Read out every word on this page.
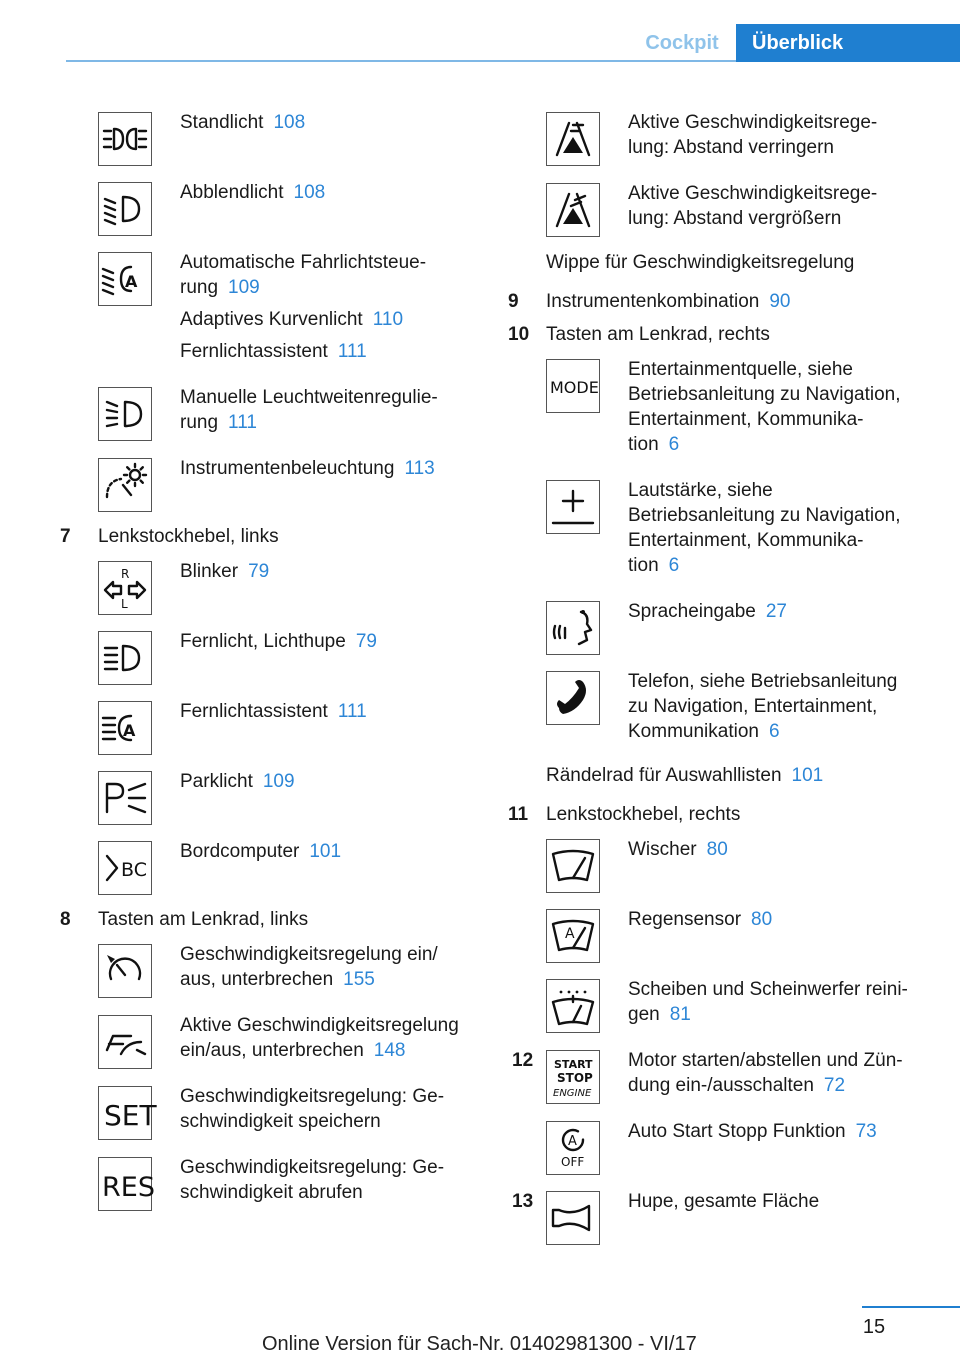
Cockpit	Überblick

Standlicht 108

Abblendlicht 108

A

Automatische Fahrlichtsteue-
rung 109

Adaptives Kurvenlicht 110

Fernlichtassistent 111

Manuelle Leuchtweitenregulie-
rung 111

Instrumentenbeleuchtung 113

7	Lenkstockhebel, links
R
L

Blinker 79

Fernlicht, Lichthupe 79

A

Fernlichtassistent 111

Parklicht 109

BC

Bordcomputer 101

8	Tasten am Lenkrad, links

Geschwindigkeitsregelung ein/
aus, unterbrechen 155

Aktive Geschwindigkeitsregelung
ein/aus, unterbrechen 148

SET

Geschwindigkeitsregelung: Ge-
schwindigkeit speichern

RES

Geschwindigkeitsregelung: Ge-
schwindigkeit abrufen

Aktive Geschwindigkeitsrege-
lung: Abstand verringern

Aktive Geschwindigkeitsrege-
lung: Abstand vergrößern

Wippe für Geschwindigkeitsregelung
9	Instrumentenkombination 90
10 Tasten am Lenkrad, rechts
MODE

Entertainmentquelle, siehe
Betriebsanleitung zu Navigation,
Entertainment, Kommunika-
tion 6

Lautstärke, siehe
Betriebsanleitung zu Navigation,
Entertainment, Kommunika-
tion 6

Spracheingabe 27

Telefon, siehe Betriebsanleitung
zu Navigation, Entertainment,
Kommunikation 6

Rändelrad für Auswahllisten 101
11 Lenkstockhebel, rechts

Wischer 80

A

Regensensor 80

Scheiben und Scheinwerfer reini-
gen 81

12	START
STOP
ENGINE

Motor starten/abstellen und Zün-
dung ein-/ausschalten 72

A
OFF

Auto Start Stopp Funktion 73

13	Hupe, gesamte Fläche

15
Online Version für Sach-Nr. 01402981300 - VI/17
